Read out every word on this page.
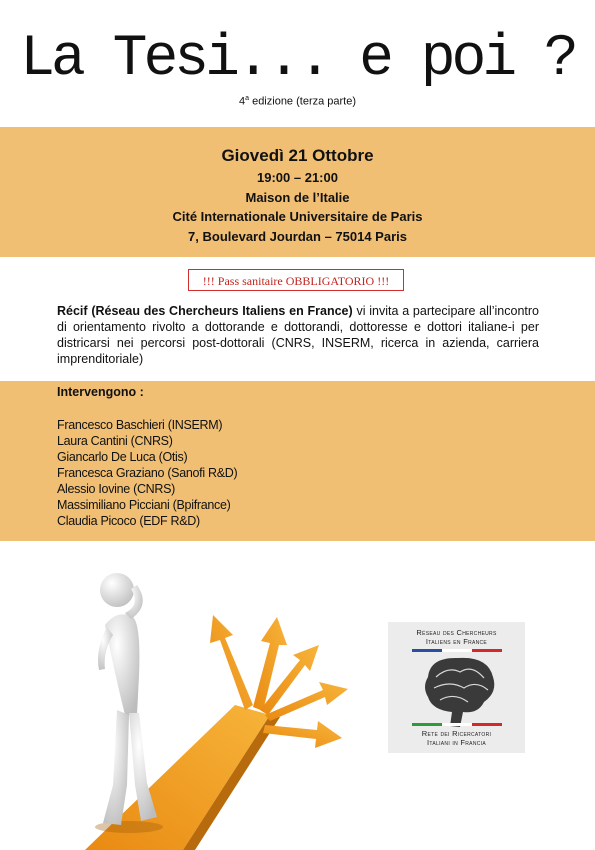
La Tesi... e poi ?
4$^a$ edizione (terza parte)
Giovedì 21 Ottobre
19:00 – 21:00
Maison de l’Italie
Cité Internationale Universitaire de Paris
7, Boulevard Jourdan – 75014 Paris
!!! Pass sanitaire OBBLIGATORIO !!!
Récif (Réseau des Chercheurs Italiens en France) vi invita a partecipare all’incontro di orientamento rivolto a dottorande e dottorandi, dottoresse e dottori italiane-i per districarsi nei percorsi post-dottorali (CNRS, INSERM, ricerca in azienda, carriera imprenditoriale)
Intervengono :
Francesco Baschieri (INSERM)
Laura Cantini (CNRS)
Giancarlo De Luca (Otis)
Francesca Graziano (Sanofi R&D)
Alessio Iovine (CNRS)
Massimiliano Picciani (Bpifrance)
Claudia Picoco (EDF R&D)
Réseau des Chercheurs
Italiens en France
Rete dei Ricercatori
Italiani in Francia
